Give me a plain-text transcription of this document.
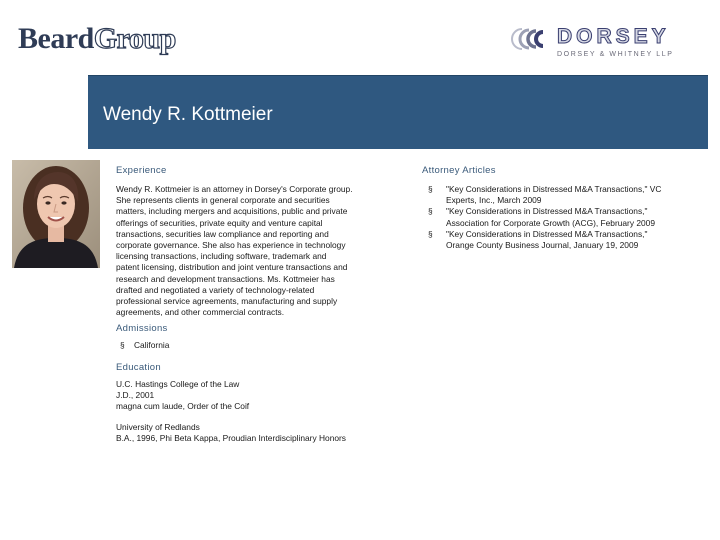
BeardGroup	DORSEY
DORSEY & WHITNEY LLP
Wendy R. Kottmeier
Experience
Wendy R. Kottmeier is an attorney in Dorsey's Corporate group.
She represents clients in general corporate and securities
matters, including mergers and acquisitions, public and private
offerings of securities, private equity and venture capital
transactions, securities law compliance and reporting and
corporate governance. She also has experience in technology
licensing transactions, including software, trademark and
patent licensing, distribution and joint venture transactions and
research and development transactions. Ms. Kottmeier has
drafted and negotiated a variety of technology-related
professional service agreements, manufacturing and supply
agreements, and other commercial contracts.
Admissions
§ California
Education
U.C. Hastings College of the Law
J.D., 2001
magna cum laude, Order of the Coif
University of Redlands
B.A., 1996, Phi Beta Kappa, Proudian Interdisciplinary Honors
Attorney Articles
§ "Key Considerations in Distressed M&A Transactions," VC
Experts, Inc., March 2009
§ "Key Considerations in Distressed M&A Transactions,"
Association for Corporate Growth (ACG), February 2009
§ "Key Considerations in Distressed M&A Transactions,"
Orange County Business Journal, January 19, 2009
